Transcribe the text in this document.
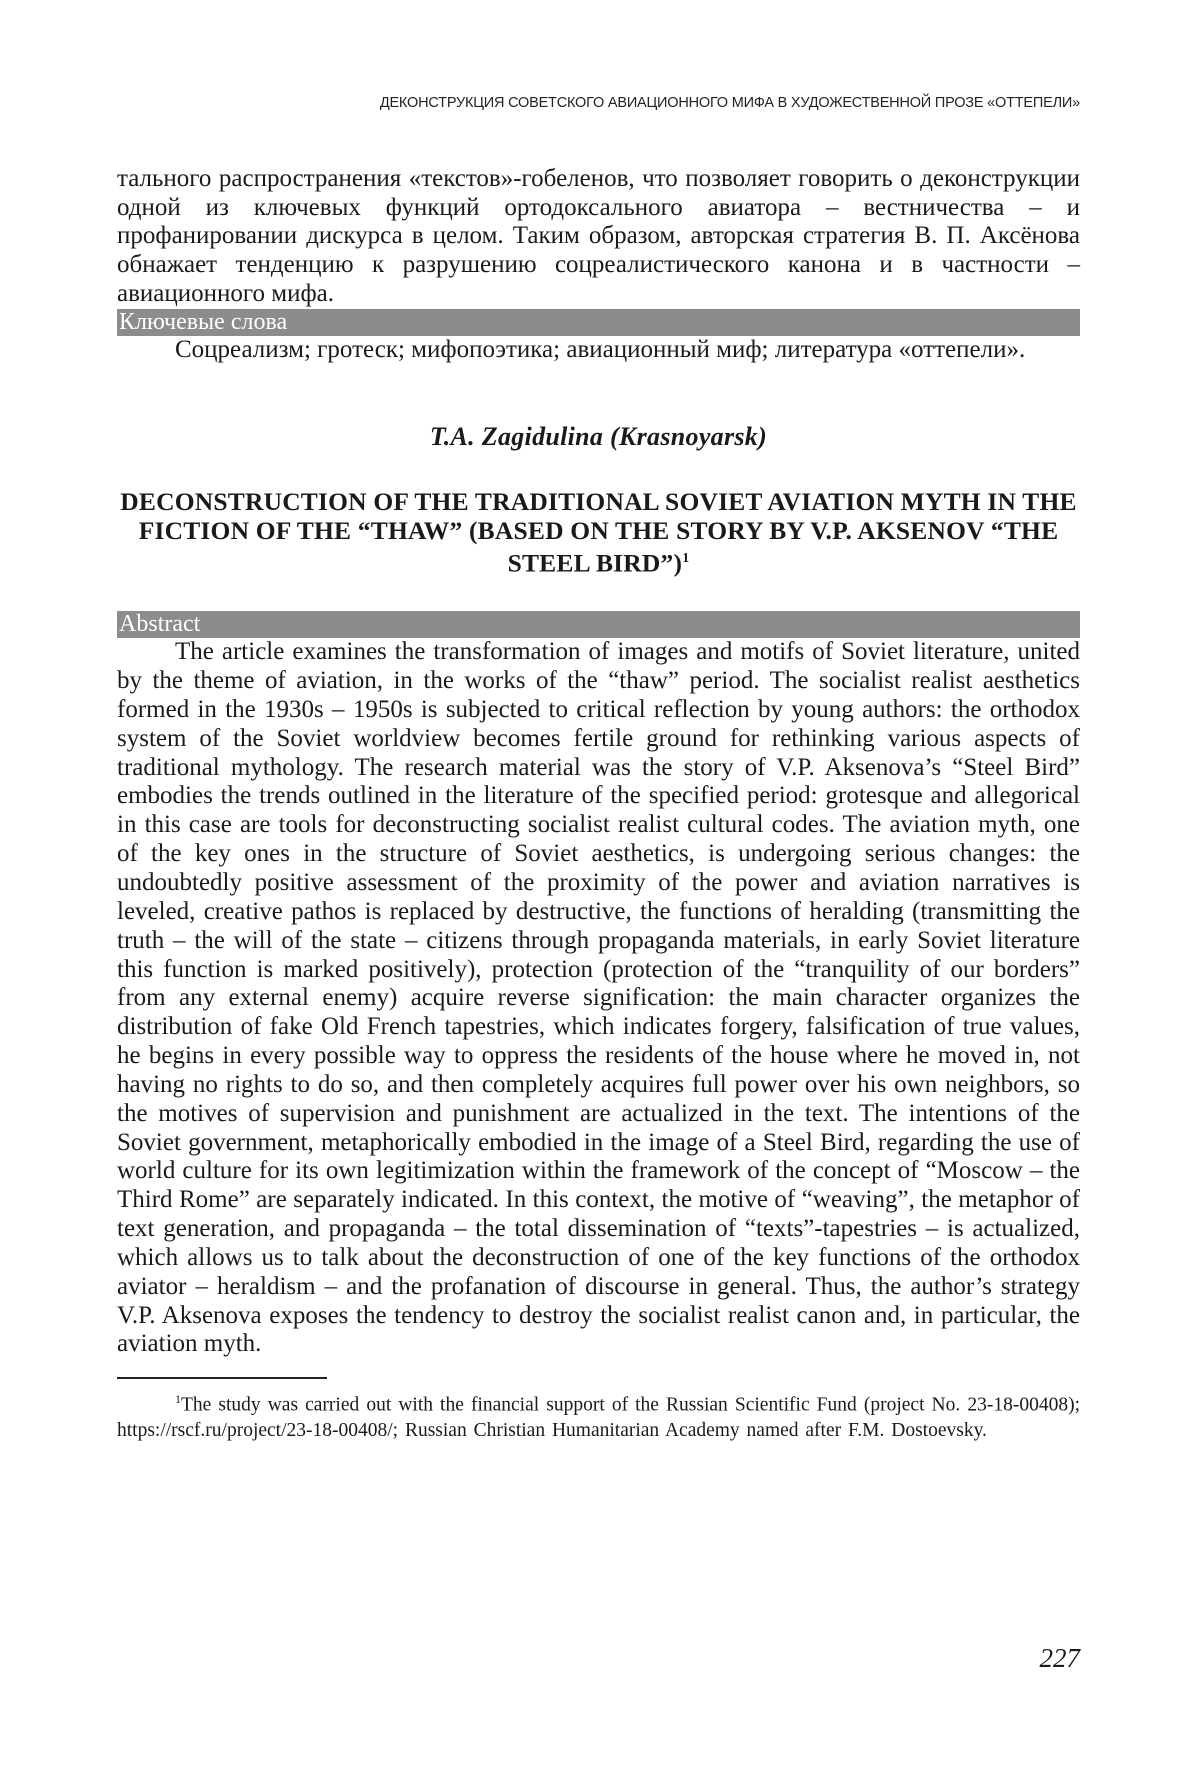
ДЕКОНСТРУКЦИЯ СОВЕТСКОГО АВИАЦИОННОГО МИФА В ХУДОЖЕСТВЕННОЙ ПРОЗЕ «ОТТЕПЕЛИ»

тального распространения «текстов»-гобеленов, что позволяет говорить о деконструкции одной из ключевых функций ортодоксального авиатора – вестничества – и профанировании дискурса в целом. Таким образом, авторская стратегия В. П. Аксёнова обнажает тенденцию к разрушению соцреалистического канона и в частности – авиационного мифа.

Ключевые слова

Соцреализм; гротеск; мифопоэтика; авиационный миф; литература «оттепели».

T.A. Zagidulina (Krasnoyarsk)

DECONSTRUCTION OF THE TRADITIONAL SOVIET AVIATION MYTH IN THE FICTION OF THE “THAW” (BASED ON THE STORY BY V.P. AKSENOV “THE STEEL BIRD”)$^1$

Abstract

The article examines the transformation of images and motifs of Soviet literature, united by the theme of aviation, in the works of the “thaw” period. The socialist realist aesthetics formed in the 1930s – 1950s is subjected to critical reflection by young authors: the orthodox system of the Soviet worldview becomes fertile ground for rethinking various aspects of traditional mythology. The research material was the story of V.P. Aksenova’s “Steel Bird” embodies the trends outlined in the literature of the specified period: grotesque and allegorical in this case are tools for deconstructing socialist realist cultural codes. The aviation myth, one of the key ones in the structure of Soviet aesthetics, is undergoing serious changes: the undoubtedly positive assessment of the proximity of the power and aviation narratives is leveled, creative pathos is replaced by destructive, the functions of heralding (transmitting the truth – the will of the state – citizens through propaganda materials, in early Soviet literature this function is marked positively), protection (protection of the “tranquility of our borders” from any external enemy) acquire reverse signification: the main character organizes the distribution of fake Old French tapestries, which indicates forgery, falsification of true values, he begins in every possible way to oppress the residents of the house where he moved in, not having no rights to do so, and then completely acquires full power over his own neighbors, so the motives of supervision and punishment are actualized in the text. The intentions of the Soviet government, metaphorically embodied in the image of a Steel Bird, regarding the use of world culture for its own legitimization within the framework of the concept of “Moscow – the Third Rome” are separately indicated. In this context, the motive of “weaving”, the metaphor of text generation, and propaganda – the total dissemination of “texts”-tapestries – is actualized, which allows us to talk about the deconstruction of one of the key functions of the orthodox aviator – heraldism – and the profanation of discourse in general. Thus, the author’s strategy V.P. Aksenova exposes the tendency to destroy the socialist realist canon and, in particular, the aviation myth.

$^1$The study was carried out with the financial support of the Russian Scientific Fund (project No. 23-18-00408); https://rscf.ru/project/23-18-00408/; Russian Christian Humanitarian Academy named after F.M. Dostoevsky.

227
